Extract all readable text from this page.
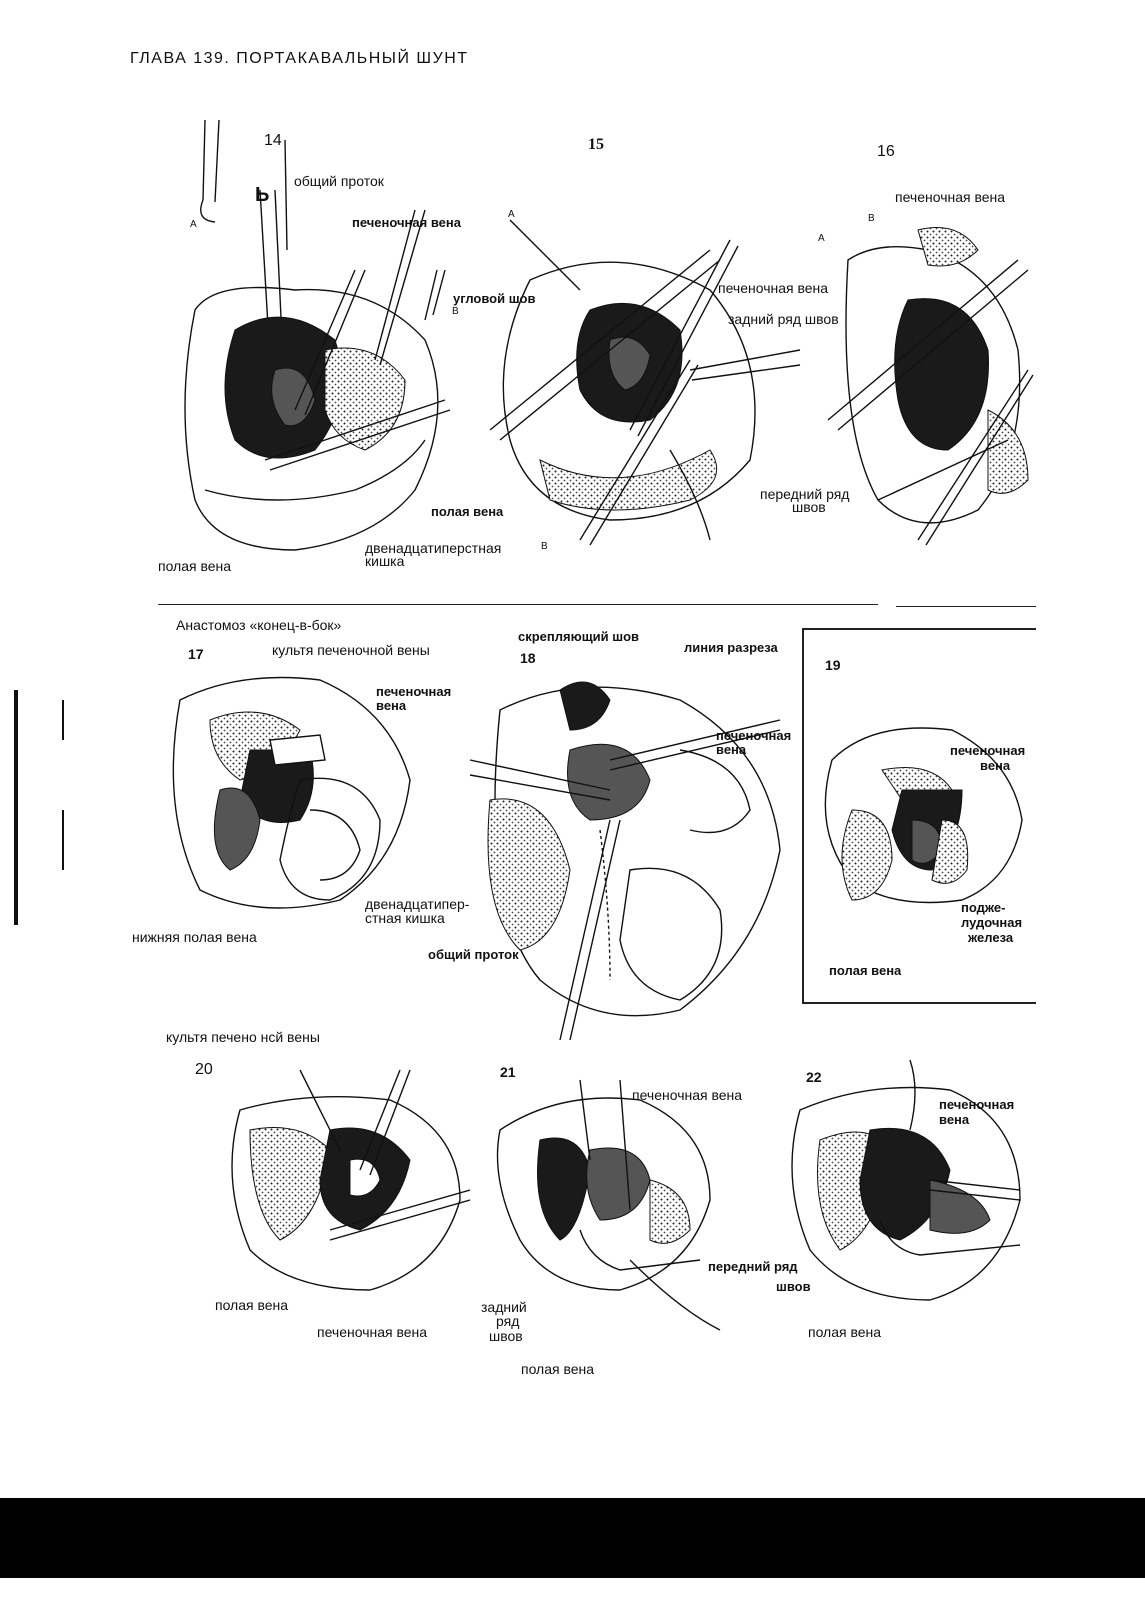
ГЛАВА 139. ПОРТАКАВАЛЬНЫЙ ШУНТ
14
Ь
общий проток
печеночная вена
угловой шов
A
B
полая вена
двенадцатиперстная
кишка
15
A
печеночная вена
задний ряд швов
полая вена
B
16
печеночная вена
A
B
передний ряд
швов
Анастомоз «конец-в-бок»
17	культя печеночной вены
печеночная
вена
двенадцатипер-
стная кишка
нижняя полая вена
скрепляющий шов
18
линия разреза
печеночная
вена
общий проток
19
печеночная
вена
подже-
лудочная
железа
полая вена
культя печено нсй вены
20
полая вена
печеночная вена
21
печеночная вена
задний
ряд
швов
полая вена
22
печеночная
вена
передний ряд
швов
полая вена
